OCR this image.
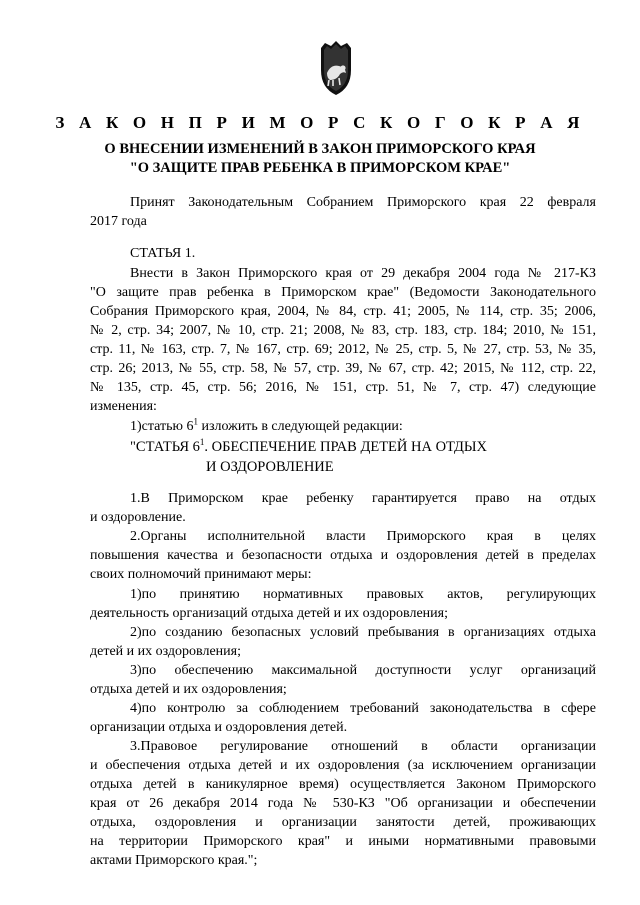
З А К О Н П Р И М О Р С К О Г О К Р А Я
О ВНЕСЕНИИ ИЗМЕНЕНИЙ В ЗАКОН ПРИМОРСКОГО КРАЯ
"О ЗАЩИТЕ ПРАВ РЕБЕНКА В ПРИМОРСКОМ КРАЕ"
Принят Законодательным Собранием Приморского края 22 февраля
2017 года
СТАТЬЯ 1.
Внести в Закон Приморского края от 29 декабря 2004 года № 217-КЗ
"О защите прав ребенка в Приморском крае" (Ведомости Законодательного
Собрания Приморского края, 2004, № 84, стр. 41; 2005, № 114, стр. 35; 2006,
№ 2, стр. 34; 2007, № 10, стр. 21; 2008, № 83, стр. 183, стр. 184; 2010, № 151,
стр. 11, № 163, стр. 7, № 167, стр. 69; 2012, № 25, стр. 5, № 27, стр. 53, № 35,
стр. 26; 2013, № 55, стр. 58, № 57, стр. 39, № 67, стр. 42; 2015, № 112, стр. 22,
№ 135, стр. 45, стр. 56; 2016, № 151, стр. 51, № 7, стр. 47) следующие
изменения:
1)статью $6^1$ изложить в следующей редакции:
"СТАТЬЯ $6^1$. ОБЕСПЕЧЕНИЕ ПРАВ ДЕТЕЙ НА ОТДЫХ
И ОЗДОРОВЛЕНИЕ
1.В Приморском крае ребенку гарантируется право на отдых
и оздоровление.
2.Органы исполнительной власти Приморского края в целях
повышения качества и безопасности отдыха и оздоровления детей в пределах
своих полномочий принимают меры:
1)по принятию нормативных правовых актов, регулирующих
деятельность организаций отдыха детей и их оздоровления;
2)по созданию безопасных условий пребывания в организациях отдыха
детей и их оздоровления;
3)по обеспечению максимальной доступности услуг организаций
отдыха детей и их оздоровления;
4)по контролю за соблюдением требований законодательства в сфере
организации отдыха и оздоровления детей.
3.Правовое регулирование отношений в области организации
и обеспечения отдыха детей и их оздоровления (за исключением организации
отдыха детей в каникулярное время) осуществляется Законом Приморского
края от 26 декабря 2014 года № 530-КЗ "Об организации и обеспечении
отдыха, оздоровления и организации занятости детей, проживающих
на территории Приморского края" и иными нормативными правовыми
актами Приморского края.";
